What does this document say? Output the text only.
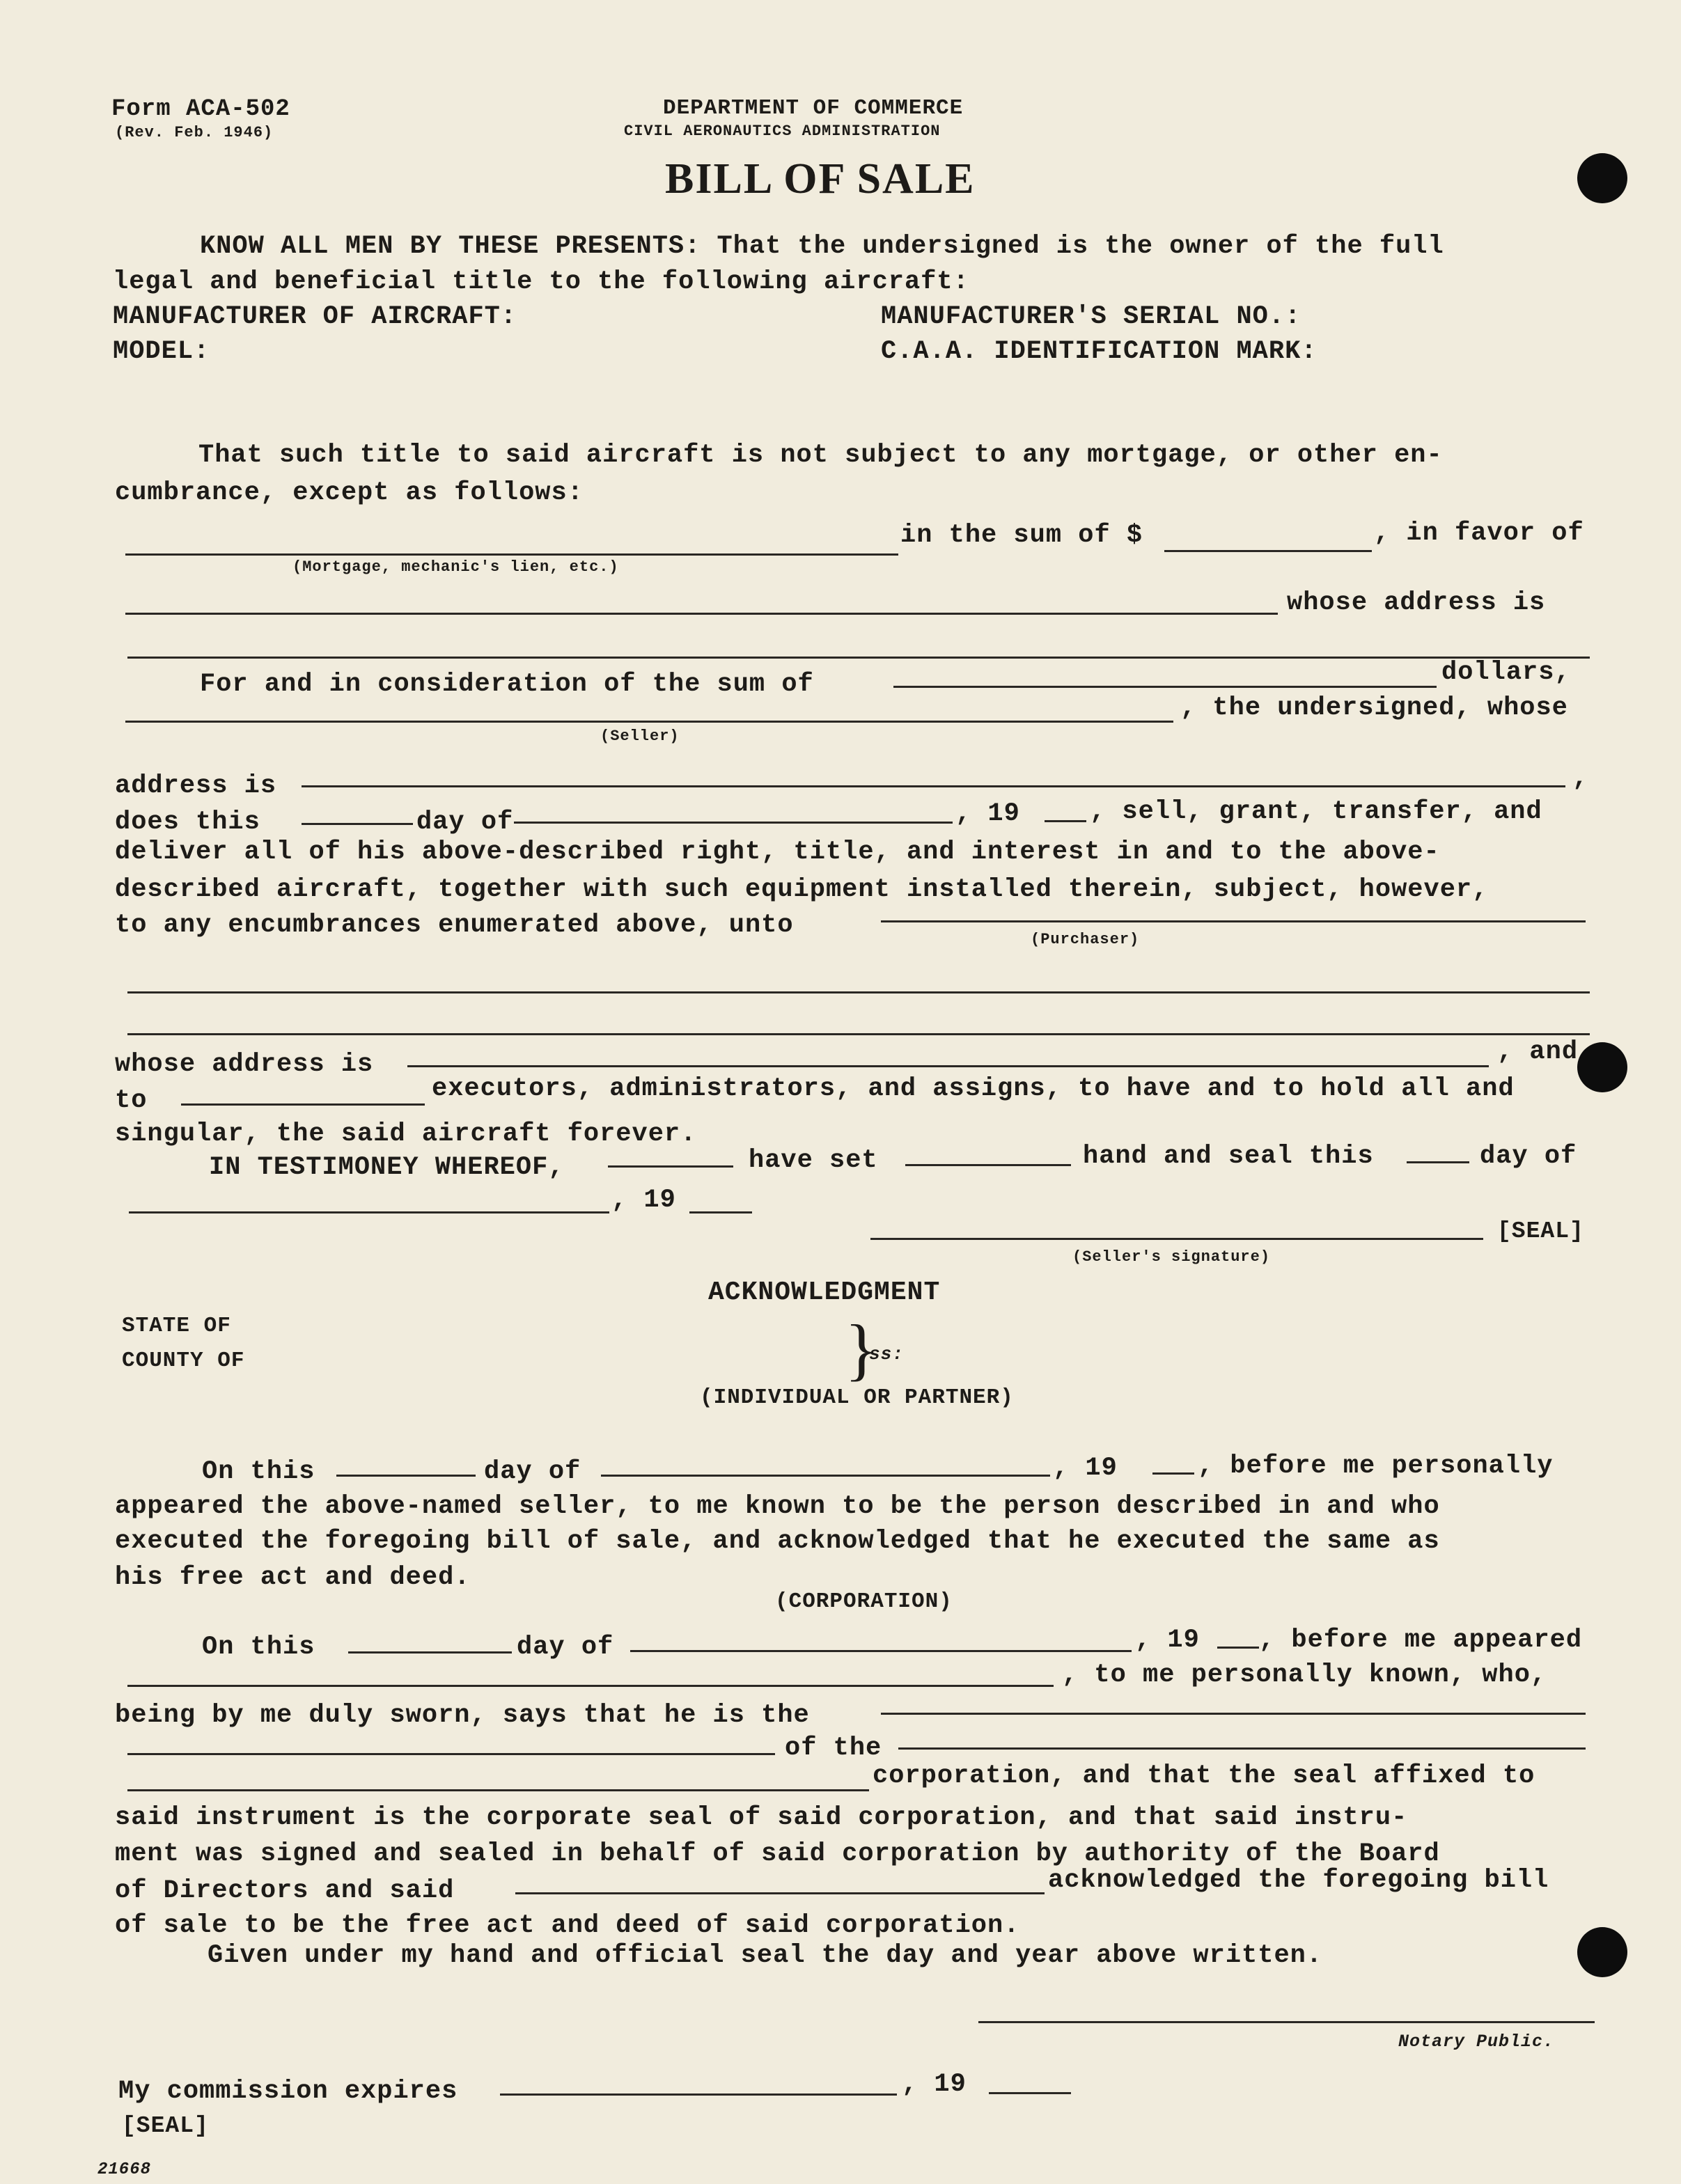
Form ACA-502
(Rev. Feb. 1946)
DEPARTMENT OF COMMERCE
CIVIL AERONAUTICS ADMINISTRATION
BILL OF SALE
KNOW ALL MEN BY THESE PRESENTS: That the undersigned is the owner of the full
legal and beneficial title to the following aircraft:
MANUFACTURER OF AIRCRAFT:	MANUFACTURER'S SERIAL NO.:
MODEL:	C.A.A. IDENTIFICATION MARK:
That such title to said aircraft is not subject to any mortgage, or other en-
cumbrance, except as follows:
in the sum of $	, in favor of
(Mortgage, mechanic's lien, etc.)
whose address is
For and in consideration of the sum of	dollars,
, the undersigned, whose
(Seller)
address is	,
does this	day of	, 19	, sell, grant, transfer, and
deliver all of his above-described right, title, and interest in and to the above-
described aircraft, together with such equipment installed therein, subject, however,
to any encumbrances enumerated above, unto	(Purchaser)
whose address is	, and
to	executors, administrators, and assigns, to have and to hold all and
singular, the said aircraft forever.
IN TESTIMONEY WHEREOF,	have set	hand and seal this	day of
, 19
[SEAL]
(Seller's signature)
ACKNOWLEDGMENT
STATE OF
COUNTY OF	}
ss:
(INDIVIDUAL OR PARTNER)
On this	day of	, 19	, before me personally
appeared the above-named seller, to me known to be the person described in and who
executed the foregoing bill of sale, and acknowledged that he executed the same as
his free act and deed.
(CORPORATION)
On this	day of	, 19 , before me appeared
, to me personally known, who,
being by me duly sworn, says that he is the
of the
corporation, and that the seal affixed to
said instrument is the corporate seal of said corporation, and that said instru-
ment was signed and sealed in behalf of said corporation by authority of the Board
of Directors and said	acknowledged the foregoing bill
of sale to be the free act and deed of said corporation.
Given under my hand and official seal the day and year above written.
Notary Public.
My commission expires	, 19
[SEAL]
21668
